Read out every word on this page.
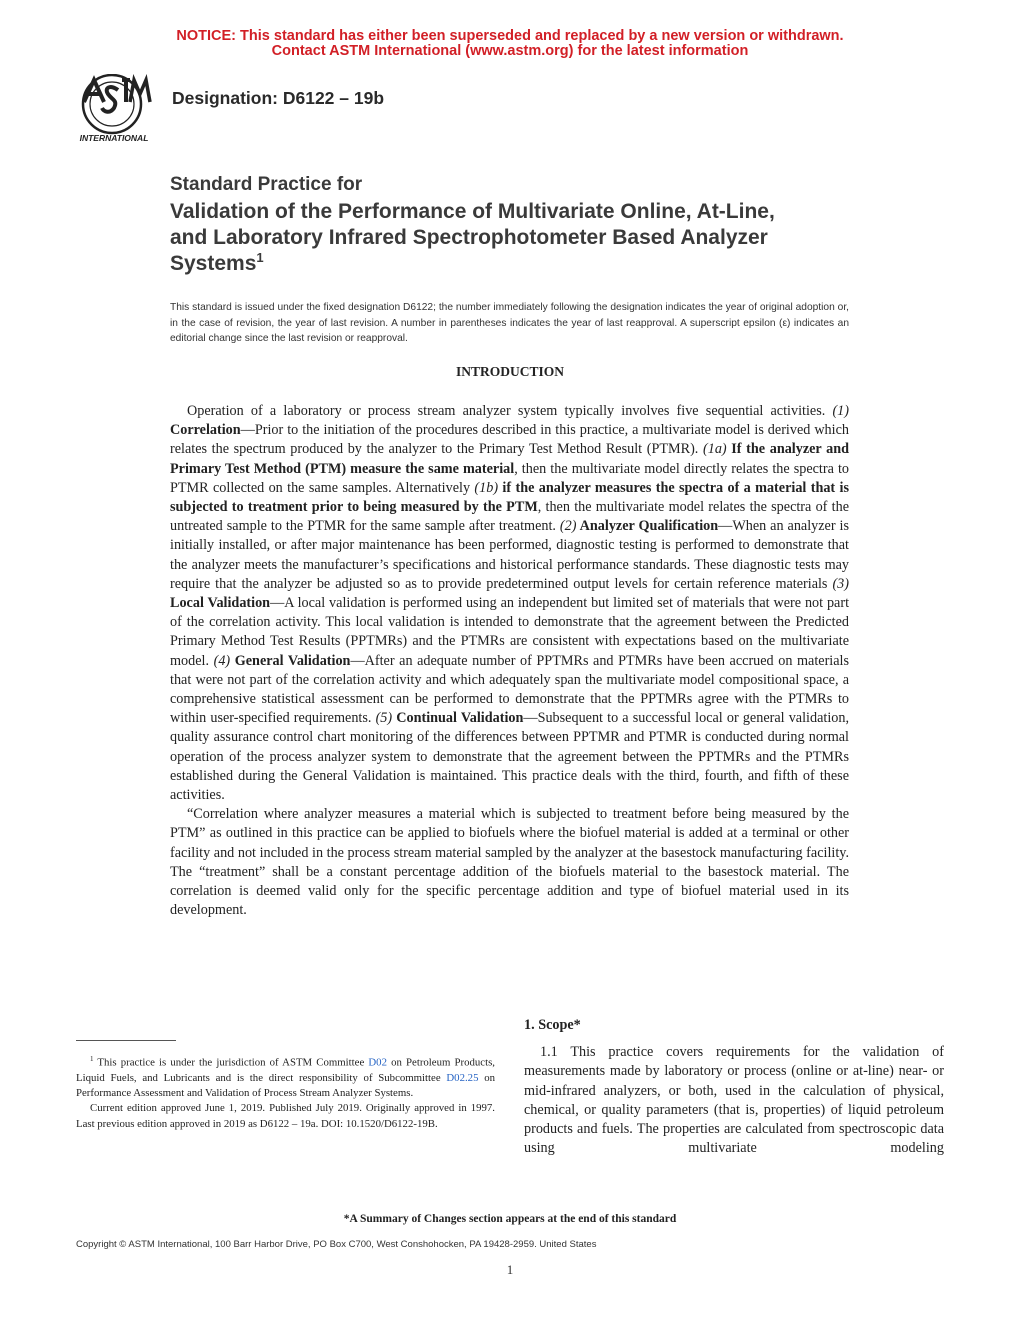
NOTICE: This standard has either been superseded and replaced by a new version or withdrawn.
Contact ASTM International (www.astm.org) for the latest information
INTERNATIONAL
Designation: D6122 – 19b
Standard Practice for
Validation of the Performance of Multivariate Online, At-Line, and Laboratory Infrared Spectrophotometer Based Analyzer Systems$^1$
This standard is issued under the fixed designation D6122; the number immediately following the designation indicates the year of original adoption or, in the case of revision, the year of last revision. A number in parentheses indicates the year of last reapproval. A superscript epsilon (ε) indicates an editorial change since the last revision or reapproval.
INTRODUCTION

Operation of a laboratory or process stream analyzer system typically involves five sequential activities. (1) Correlation—Prior to the initiation of the procedures described in this practice, a multivariate model is derived which relates the spectrum produced by the analyzer to the Primary Test Method Result (PTMR). (1a) If the analyzer and Primary Test Method (PTM) measure the same material, then the multivariate model directly relates the spectra to PTMR collected on the same samples. Alternatively (1b) if the analyzer measures the spectra of a material that is subjected to treatment prior to being measured by the PTM, then the multivariate model relates the spectra of the untreated sample to the PTMR for the same sample after treatment. (2) Analyzer Qualification—When an analyzer is initially installed, or after major maintenance has been performed, diagnostic testing is performed to demonstrate that the analyzer meets the manufacturer’s specifications and historical performance standards. These diagnostic tests may require that the analyzer be adjusted so as to provide predetermined output levels for certain reference materials (3) Local Validation—A local validation is performed using an independent but limited set of materials that were not part of the correlation activity. This local validation is intended to demonstrate that the agreement between the Predicted Primary Method Test Results (PPTMRs) and the PTMRs are consistent with expectations based on the multivariate model. (4) General Validation—After an adequate number of PPTMRs and PTMRs have been accrued on materials that were not part of the correlation activity and which adequately span the multivariate model compositional space, a comprehensive statistical assessment can be performed to demonstrate that the PPTMRs agree with the PTMRs to within user-specified requirements. (5) Continual Validation—Subsequent to a successful local or general validation, quality assurance control chart monitoring of the differences between PPTMR and PTMR is conducted during normal operation of the process analyzer system to demonstrate that the agreement between the PPTMRs and the PTMRs established during the General Validation is maintained. This practice deals with the third, fourth, and fifth of these activities.

“Correlation where analyzer measures a material which is subjected to treatment before being measured by the PTM” as outlined in this practice can be applied to biofuels where the biofuel material is added at a terminal or other facility and not included in the process stream material sampled by the analyzer at the basestock manufacturing facility. The “treatment” shall be a constant percentage addition of the biofuels material to the basestock material. The correlation is deemed valid only for the specific percentage addition and type of biofuel material used in its development.

$^1$ This practice is under the jurisdiction of ASTM Committee D02 on Petroleum Products, Liquid Fuels, and Lubricants and is the direct responsibility of Subcommittee D02.25 on Performance Assessment and Validation of Process Stream Analyzer Systems.

Current edition approved June 1, 2019. Published July 2019. Originally approved in 1997. Last previous edition approved in 2019 as D6122 – 19a. DOI: 10.1520/D6122-19B.

1. Scope*

1.1 This practice covers requirements for the validation of measurements made by laboratory or process (online or at-line) near- or mid-infrared analyzers, or both, used in the calculation of physical, chemical, or quality parameters (that is, properties) of liquid petroleum products and fuels. The properties are calculated from spectroscopic data using multivariate modeling

*A Summary of Changes section appears at the end of this standard
Copyright © ASTM International, 100 Barr Harbor Drive, PO Box C700, West Conshohocken, PA 19428-2959. United States
1
